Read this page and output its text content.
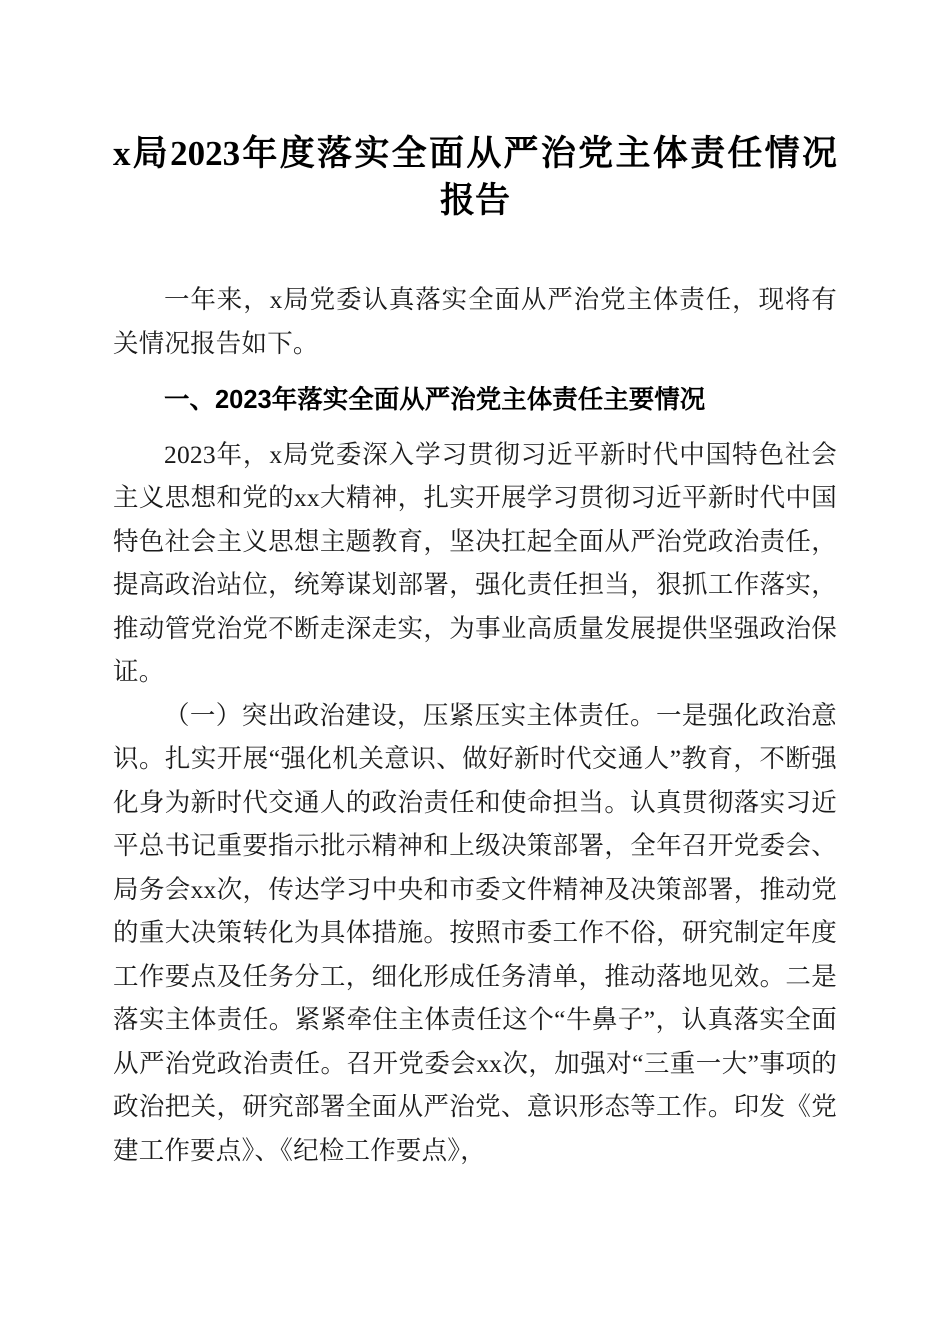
x局2023年度落实全面从严治党主体责任情况
报告

一年来，x局党委认真落实全面从严治党主体责任，现将有关情况报告如下。

一、2023年落实全面从严治党主体责任主要情况

2023年，x局党委深入学习贯彻习近平新时代中国特色社会主义思想和党的xx大精神，扎实开展学习贯彻习近平新时代中国特色社会主义思想主题教育，坚决扛起全面从严治党政治责任，提高政治站位，统筹谋划部署，强化责任担当，狠抓工作落实，推动管党治党不断走深走实，为事业高质量发展提供坚强政治保证。

（一）突出政治建设，压紧压实主体责任。一是强化政治意识。扎实开展“强化机关意识、做好新时代交通人”教育，不断强化身为新时代交通人的政治责任和使命担当。认真贯彻落实习近平总书记重要指示批示精神和上级决策部署，全年召开党委会、局务会xx次，传达学习中央和市委文件精神及决策部署，推动党的重大决策转化为具体措施。按照市委工作不俗，研究制定年度工作要点及任务分工，细化形成任务清单，推动落地见效。二是落实主体责任。紧紧牵住主体责任这个“牛鼻子”，认真落实全面从严治党政治责任。召开党委会xx次，加强对“三重一大”事项的政治把关，研究部署全面从严治党、意识形态等工作。印发《党建工作要点》、《纪检工作要点》，
